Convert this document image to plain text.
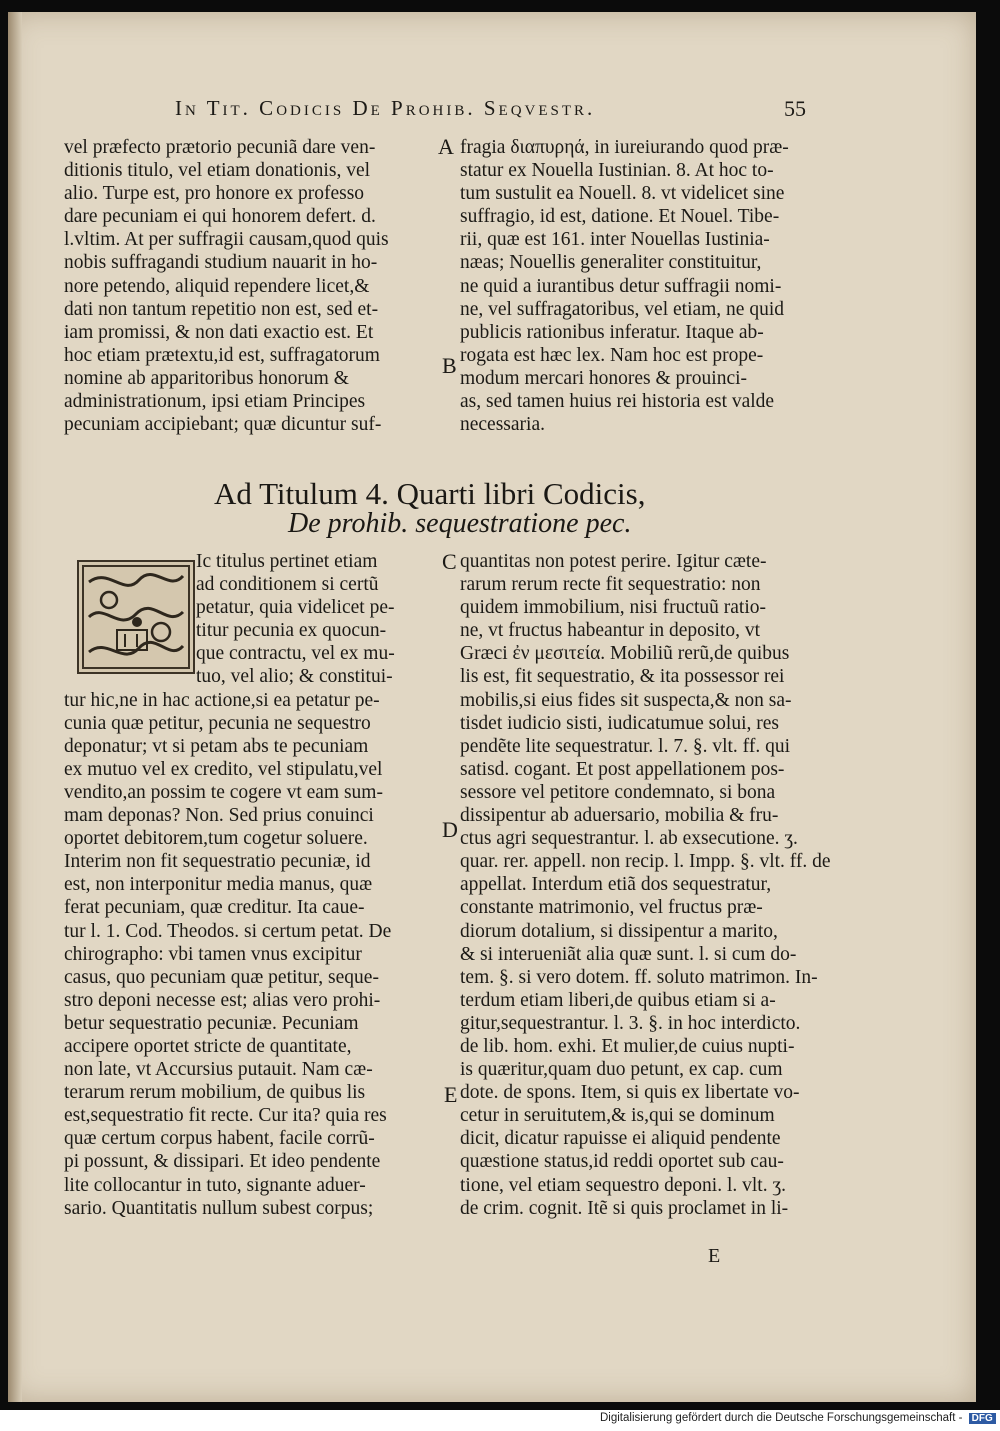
In Tit. Codicis De Prohib. Seqvestr.	55
vel præfecto prætorio pecuniã dare ven-
ditionis titulo, vel etiam donationis, vel
alio. Turpe est, pro honore ex professo
dare pecuniam ei qui honorem defert. d.
l.vltim. At per suffragii causam,quod quis
nobis suffragandi studium nauarit in ho-
nore petendo, aliquid rependere licet,&
dati non tantum repetitio non est, sed et-
iam promissi, & non dati exactio est. Et
hoc etiam prætextu,id est, suffragatorum
nomine ab apparitoribus honorum &
administrationum, ipsi etiam Principes
pecuniam accipiebant; quæ dicuntur suf-
fragia διαπυρηά, in iureiurando quod præ-
statur ex Nouella Iustinian. 8. At hoc to-
tum sustulit ea Nouell. 8. vt videlicet sine
suffragio, id est, datione. Et Nouel. Tibe-
rii, quæ est 161. inter Nouellas Iustinia-
næas; Nouellis generaliter constituitur,
ne quid a iurantibus detur suffragii nomi-
ne, vel suffragatoribus, vel etiam, ne quid
publicis rationibus inferatur. Itaque ab-
rogata est hæc lex. Nam hoc est prope-
modum mercari honores & prouinci-
as, sed tamen huius rei historia est valde
necessaria.
A
B
Ad Titulum 4. Quarti libri Codicis,
De prohib. sequestratione pec.
Ic titulus pertinet etiam
ad conditionem si certũ
petatur, quia videlicet pe-
titur pecunia ex quocun-
que contractu, vel ex mu-
tuo, vel alio; & constitui-
tur hic,ne in hac actione,si ea petatur pe-
cunia quæ petitur, pecunia ne sequestro
deponatur; vt si petam abs te pecuniam
ex mutuo vel ex credito, vel stipulatu,vel
vendito,an possim te cogere vt eam sum-
mam deponas? Non. Sed prius conuinci
oportet debitorem,tum cogetur soluere.
Interim non fit sequestratio pecuniæ, id
est, non interponitur media manus, quæ
ferat pecuniam, quæ creditur. Ita caue-
tur l. 1. Cod. Theodos. si certum petat. De
chirographo: vbi tamen vnus excipitur
casus, quo pecuniam quæ petitur, seque-
stro deponi necesse est; alias vero prohi-
betur sequestratio pecuniæ. Pecuniam
accipere oportet stricte de quantitate,
non late, vt Accursius putauit. Nam cæ-
terarum rerum mobilium, de quibus lis
est,sequestratio fit recte. Cur ita? quia res
quæ certum corpus habent, facile corrũ-
pi possunt, & dissipari. Et ideo pendente
lite collocantur in tuto, signante aduer-
sario. Quantitatis nullum subest corpus;
quantitas non potest perire. Igitur cæte-
rarum rerum recte fit sequestratio: non
quidem immobilium, nisi fructuũ ratio-
ne, vt fructus habeantur in deposito, vt
Græci ἐν μεσιτεία. Mobiliũ rerũ,de quibus
lis est, fit sequestratio, & ita possessor rei
mobilis,si eius fides sit suspecta,& non sa-
tisdet iudicio sisti, iudicatumue solui, res
pendẽte lite sequestratur. l. 7. §. vlt. ff. qui
satisd. cogant. Et post appellationem pos-
sessore vel petitore condemnato, si bona
dissipentur ab aduersario, mobilia & fru-
ctus agri sequestrantur. l. ab exsecutione. ʒ.
quar. rer. appell. non recip. l. Impp. §. vlt. ff. de
appellat. Interdum etiã dos sequestratur,
constante matrimonio, vel fructus præ-
diorum dotalium, si dissipentur a marito,
& si interueniãt alia quæ sunt. l. si cum do-
tem. §. si vero dotem. ff. soluto matrimon. In-
terdum etiam liberi,de quibus etiam si a-
gitur,sequestrantur. l. 3. §. in hoc interdicto.
de lib. hom. exhi. Et mulier,de cuius nupti-
is quæritur,quam duo petunt, ex cap. cum
dote. de spons. Item, si quis ex libertate vo-
cetur in seruitutem,& is,qui se dominum
dicit, dicatur rapuisse ei aliquid pendente
quæstione status,id reddi oportet sub cau-
tione, vel etiam sequestro deponi. l. vlt. ʒ.
de crim. cognit. Itẽ si quis proclamet in li-
C
D
E
E
Digitalisierung gefördert durch die Deutsche Forschungsgemeinschaft - DFG
